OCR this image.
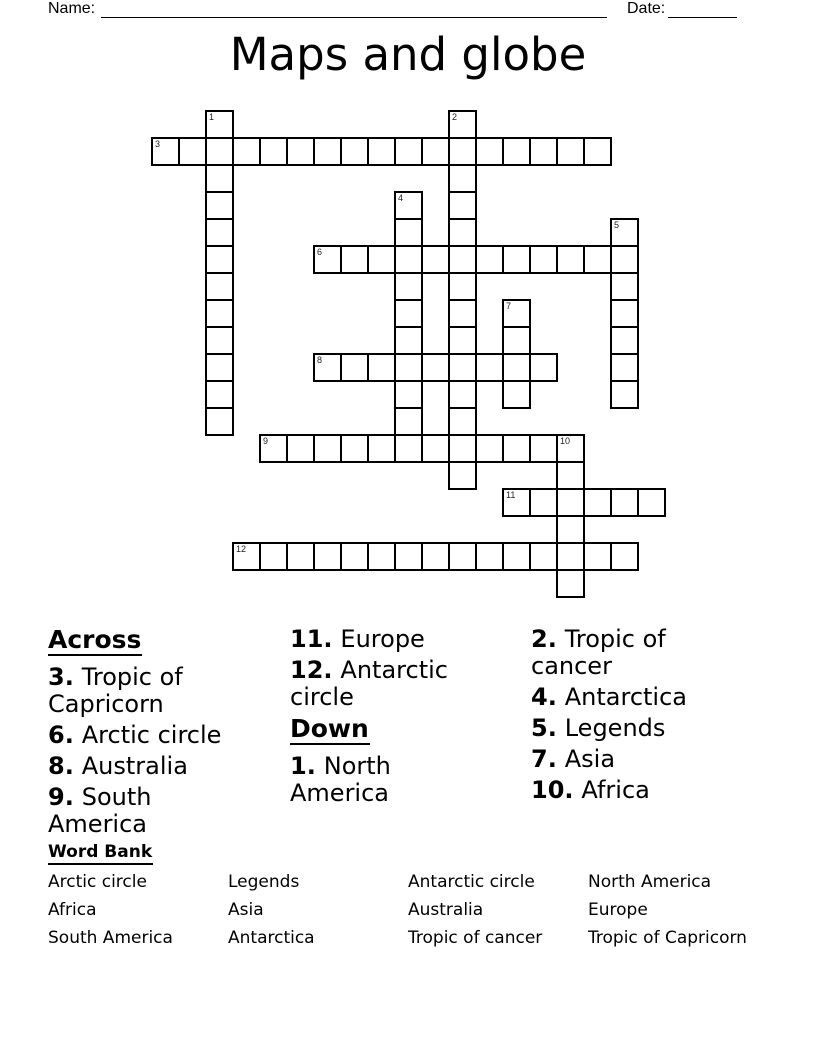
Name:	Date:
Maps and globe
1	2
3
4
5
6
7
8
9	10
11
12
Across
3. Tropic of Capricorn
6. Arctic circle
8. Australia
9. South America
11. Europe
12. Antarctic circle
Down
1. North America
2. Tropic of cancer
4. Antarctica
5. Legends
7. Asia
10. Africa
Word Bank
Arctic circle	Legends	Antarctic circle	North America
Africa	Asia	Australia	Europe
South America	Antarctica	Tropic of cancer	Tropic of Capricorn
